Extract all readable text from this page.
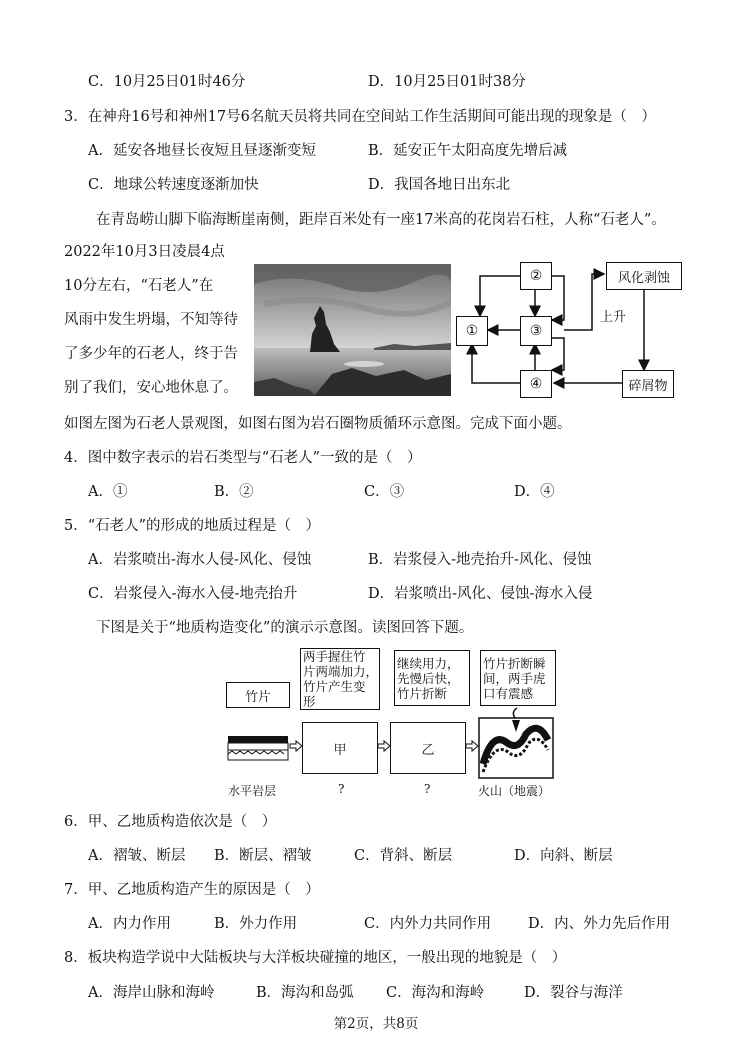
C．10月25日01时46分	D．10月25日01时38分
3．在神舟16号和神州17号6名航天员将共同在空间站工作生活期间可能出现的现象是（　）
A．延安各地昼长夜短且昼逐渐变短	B．延安正午太阳高度先增后减
C．地球公转速度逐渐加快	D．我国各地日出东北
在青岛崂山脚下临海断崖南侧，距岸百米处有一座17米高的花岗岩石柱，人称“石老人”。
2022年10月3日凌晨4点
10分左右，“石老人”在
风雨中发生坍塌，不知等待
了多少年的石老人，终于告
别了我们，安心地休息了。
如图左图为石老人景观图，如图右图为岩石圈物质循环示意图。完成下面小题。
①
②
③
④
风化剥蚀
上升
碎屑物
4．图中数字表示的岩石类型与“石老人”一致的是（　）
A．①	B．②	C．③	D．④
5．“石老人”的形成的地质过程是（　）
A．岩浆喷出-海水人侵-风化、侵蚀	B．岩浆侵入-地壳抬升-风化、侵蚀
C．岩浆侵入-海水入侵-地壳抬升	D．岩浆喷出-风化、侵蚀-海水入侵
下图是关于“地质构造变化”的演示示意图。读图回答下题。
竹片
两手握住竹
片两端加力，
竹片产生变
形
继续用力，
先慢后快，
竹片折断
竹片折断瞬
间，两手虎
口有震感
甲	乙
水平岩层	?	?	火山（地震）
6．甲、乙地质构造依次是（　）
A．褶皱、断层 B．断层、褶皱	C．背斜、断层	D．向斜、断层
7．甲、乙地质构造产生的原因是（　）
A．内力作用	B．外力作用	C．内外力共同作用	D．内、外力先后作用
8．板块构造学说中大陆板块与大洋板块碰撞的地区，一般出现的地貌是（　）
A．海岸山脉和海岭	B．海沟和岛弧 C．海沟和海岭	D．裂谷与海洋
第2页，共8页
